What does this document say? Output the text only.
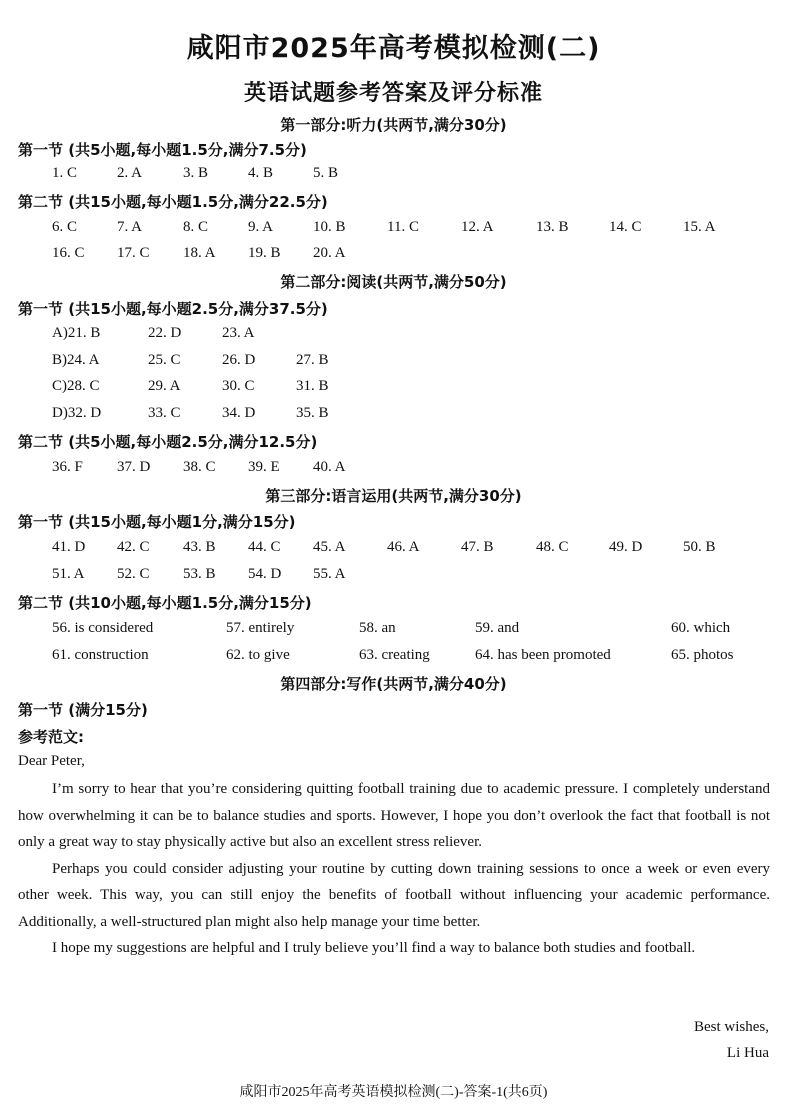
咸阳市2025年高考模拟检测(二)
英语试题参考答案及评分标准
第一部分:听力(共两节,满分30分)
第一节 (共5小题,每小题1.5分,满分7.5分)
1. C	2. A	3. B	4. B	5. B
第二节 (共15小题,每小题1.5分,满分22.5分)
6. C	7. A	8. C	9. A	10. B	11. C	12. A	13. B	14. C	15. A
16. C 17. C 18. A 19. B 20. A
第二部分:阅读(共两节,满分50分)
第一节 (共15小题,每小题2.5分,满分37.5分)
A)21. B	22. D	23. A
B)24. A	25. C	26. D	27. B
C)28. C	29. A	30. C	31. B
D)32. D	33. C	34. D	35. B
第二节 (共5小题,每小题2.5分,满分12.5分)
36. F 37. D 38. C 39. E 40. A
第三部分:语言运用(共两节,满分30分)
第一节 (共15小题,每小题1分,满分15分)
41. D 42. C 43. B 44. C 45. A	46. A	47. B	48. C	49. D	50. B
51. A 52. C 53. B 54. D 55. A
第二节 (共10小题,每小题1.5分,满分15分)
56. is considered	57. entirely	58. an	59. and	60. which
61. construction	62. to give	63. creating	64. has been promoted	65. photos
第四部分:写作(共两节,满分40分)
第一节 (满分15分)
参考范文:
Dear Peter,

I’m sorry to hear that you’re considering quitting football training due to academic pressure. I completely understand how overwhelming it can be to balance studies and sports. However, I hope you don’t overlook the fact that football is not only a great way to stay physically active but also an excellent stress reliever.

Perhaps you could consider adjusting your routine by cutting down training sessions to once a week or even every other week. This way, you can still enjoy the benefits of football without influencing your academic performance. Additionally, a well-structured plan might also help manage your time better.

I hope my suggestions are helpful and I truly believe you’ll find a way to balance both studies and football.

Best wishes,
Li Hua
咸阳市2025年高考英语模拟检测(二)-答案-1(共6页)
